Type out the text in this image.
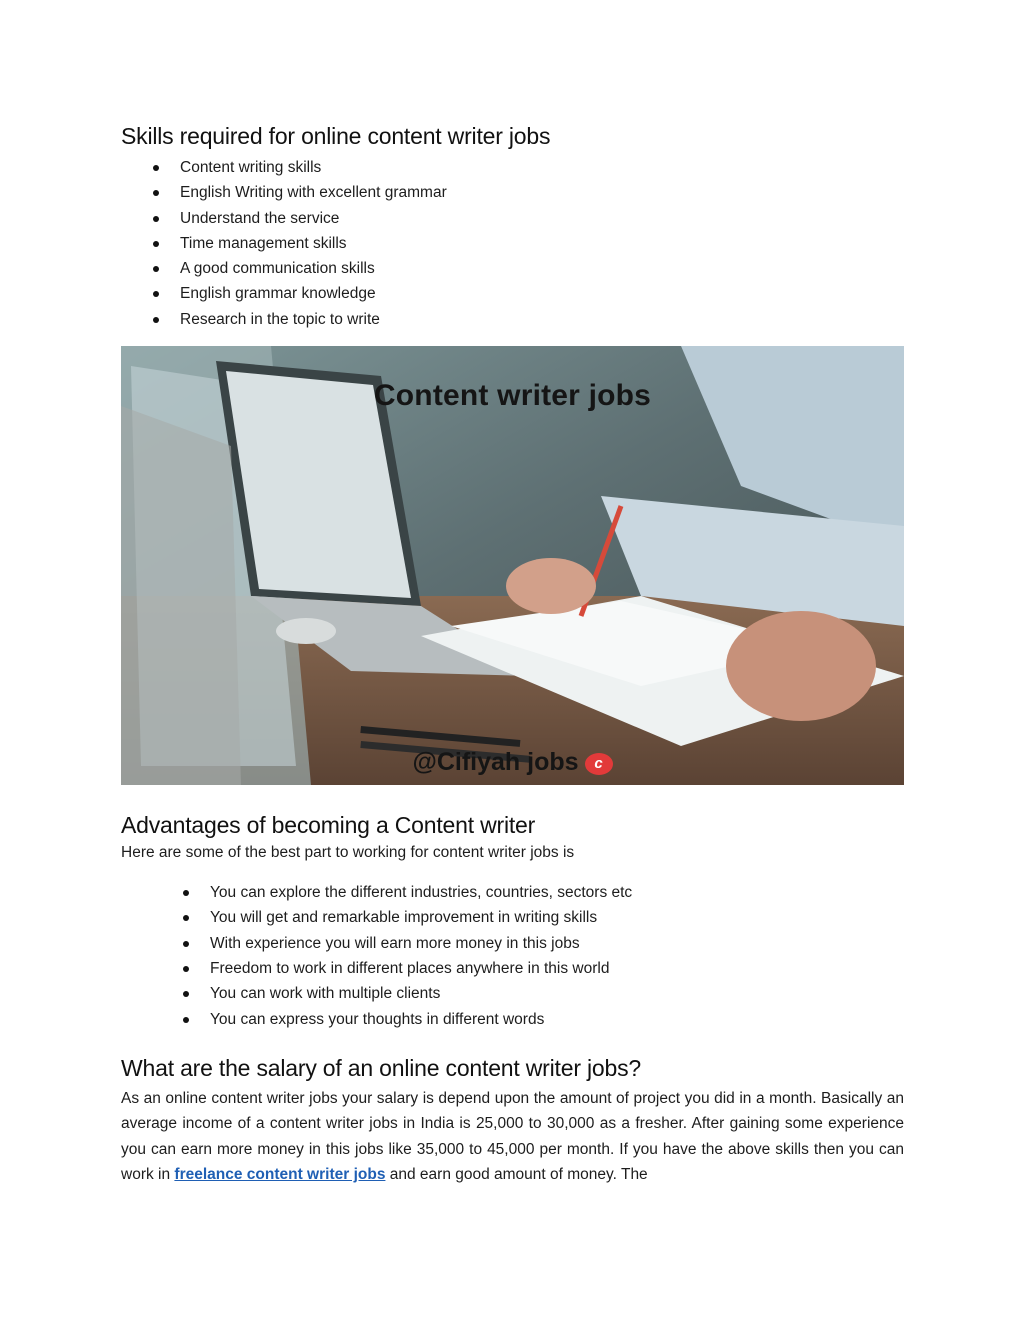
Skills required for online content writer jobs
Content writing skills
English Writing with excellent grammar
Understand the service
Time management skills
A good communication skills
English grammar knowledge
Research in the topic to write
Content writer jobs
@Cifiyah jobs c
Advantages of becoming a Content writer
Here are some of the best part to working for content writer jobs is
You can explore the different industries, countries, sectors etc
You will get and remarkable improvement in writing skills
With experience you will earn more money in this jobs
Freedom to work in different places anywhere in this world
You can work with multiple clients
You can express your thoughts in different words
What are the salary of an online content writer jobs?
As an online content writer jobs your salary is depend upon the amount of project you did in a month. Basically an average income of a content writer jobs in India is 25,000 to 30,000 as a fresher. After gaining some experience you can earn more money in this jobs like 35,000 to 45,000 per month. If you have the above skills then you can work in freelance content writer jobs and earn good amount of money. The
